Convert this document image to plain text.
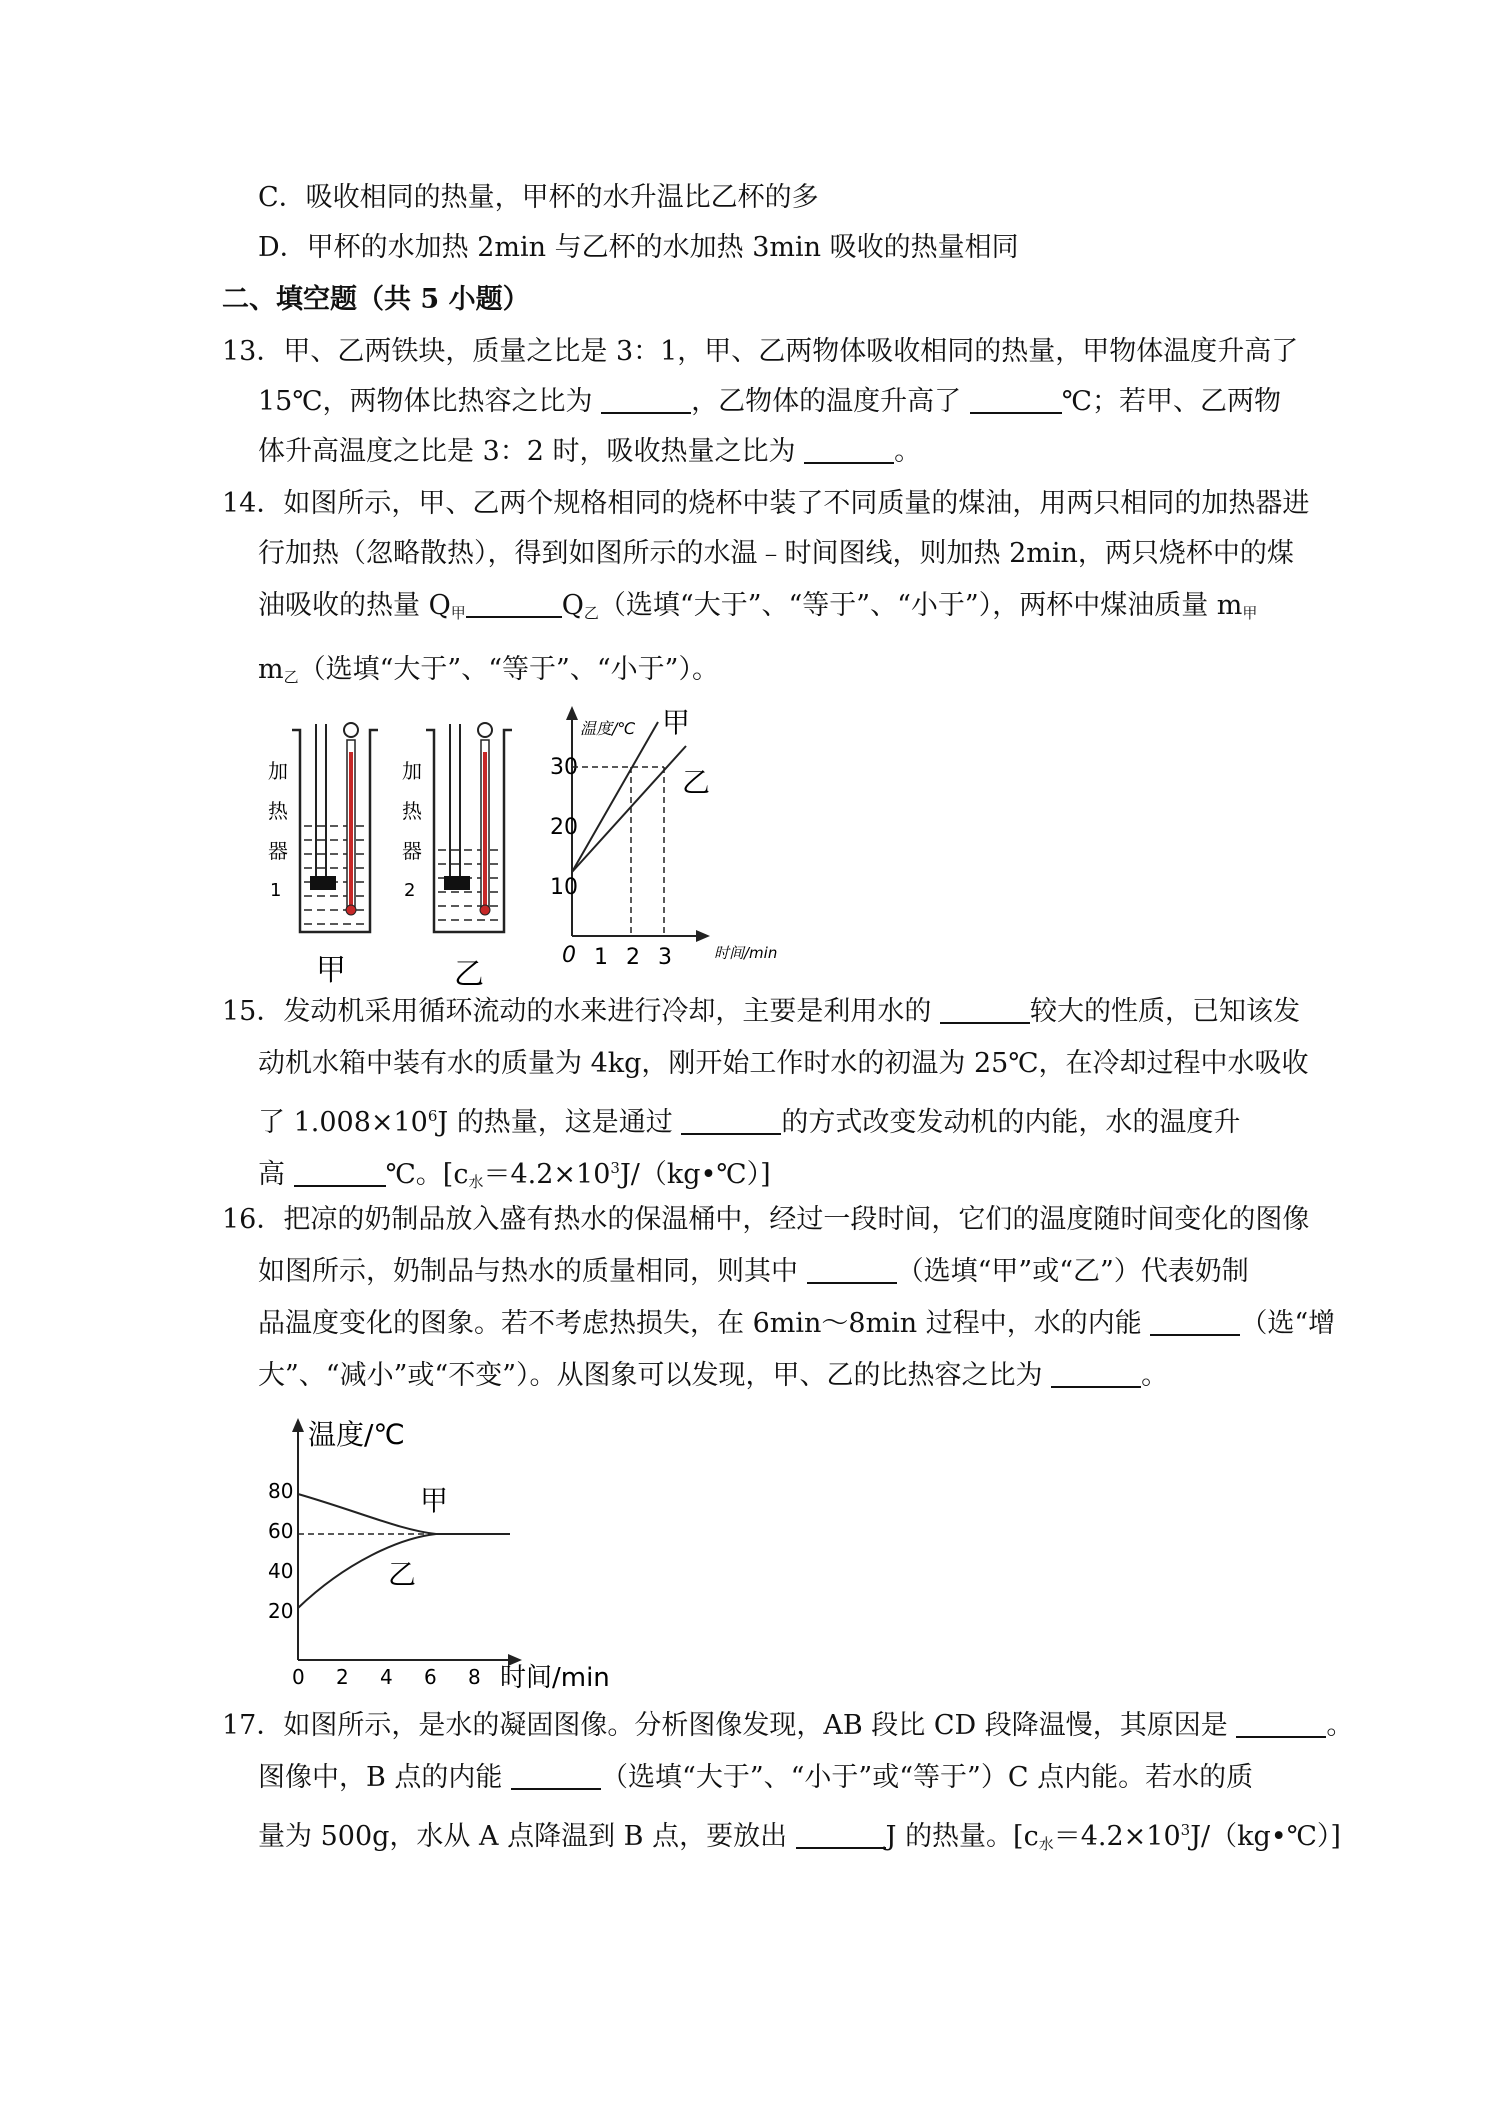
C．吸收相同的热量，甲杯的水升温比乙杯的多
D．甲杯的水加热 2min 与乙杯的水加热 3min 吸收的热量相同
二、填空题（共 5 小题）
13．甲、乙两铁块，质量之比是 3：1，甲、乙两物体吸收相同的热量，甲物体温度升高了
15℃，两物体比热容之比为	，乙物体的温度升高了	℃；若甲、乙两物
体升高温度之比是 3：2 时，吸收热量之比为	。
14．如图所示，甲、乙两个规格相同的烧杯中装了不同质量的煤油，用两只相同的加热器进
行加热（忽略散热），得到如图所示的水温﹣时间图线，则加热 2min，两只烧杯中的煤
油吸收的热量 $Q_甲$	$Q_乙$（选填“大于”、“等于”、“小于”），两杯中煤油质量 $m_甲$
$m_乙$（选填“大于”、“等于”、“小于”）。
加
热
器
1
甲
加
热
器
2
乙
温度/℃
时间/min
30
20
10
0 1 2 3
甲
乙
15．发动机采用循环流动的水来进行冷却，主要是利用水的	较大的性质，已知该发
动机水箱中装有水的质量为 4kg，刚开始工作时水的初温为 25℃，在冷却过程中水吸收
了 $1.008\times 10^6J$ 的热量，这是通过	的方式改变发动机的内能，水的温度升
高	℃。$[c_水=4.2\times 10^3J/(kg•℃)]$
16．把凉的奶制品放入盛有热水的保温桶中，经过一段时间，它们的温度随时间变化的图像
如图所示，奶制品与热水的质量相同，则其中	（选填“甲”或“乙”）代表奶制
品温度变化的图象。若不考虑热损失，在 6min～8min 过程中，水的内能	（选“增
大”、“减小”或“不变”）。从图象可以发现，甲、乙的比热容之比为	。
温度/℃
时间/min
80
60
40
20
0 2 4 6 8
甲
乙
17．如图所示，是水的凝固图像。分析图像发现，AB 段比 CD 段降温慢，其原因是	。
图像中，B 点的内能	（选填“大于”、“小于”或“等于”）C 点内能。若水的质
量为 500g，水从 A 点降温到 B 点，要放出	J 的热量。$[c_水=4.2\times 10^3J/(kg•℃)]$
